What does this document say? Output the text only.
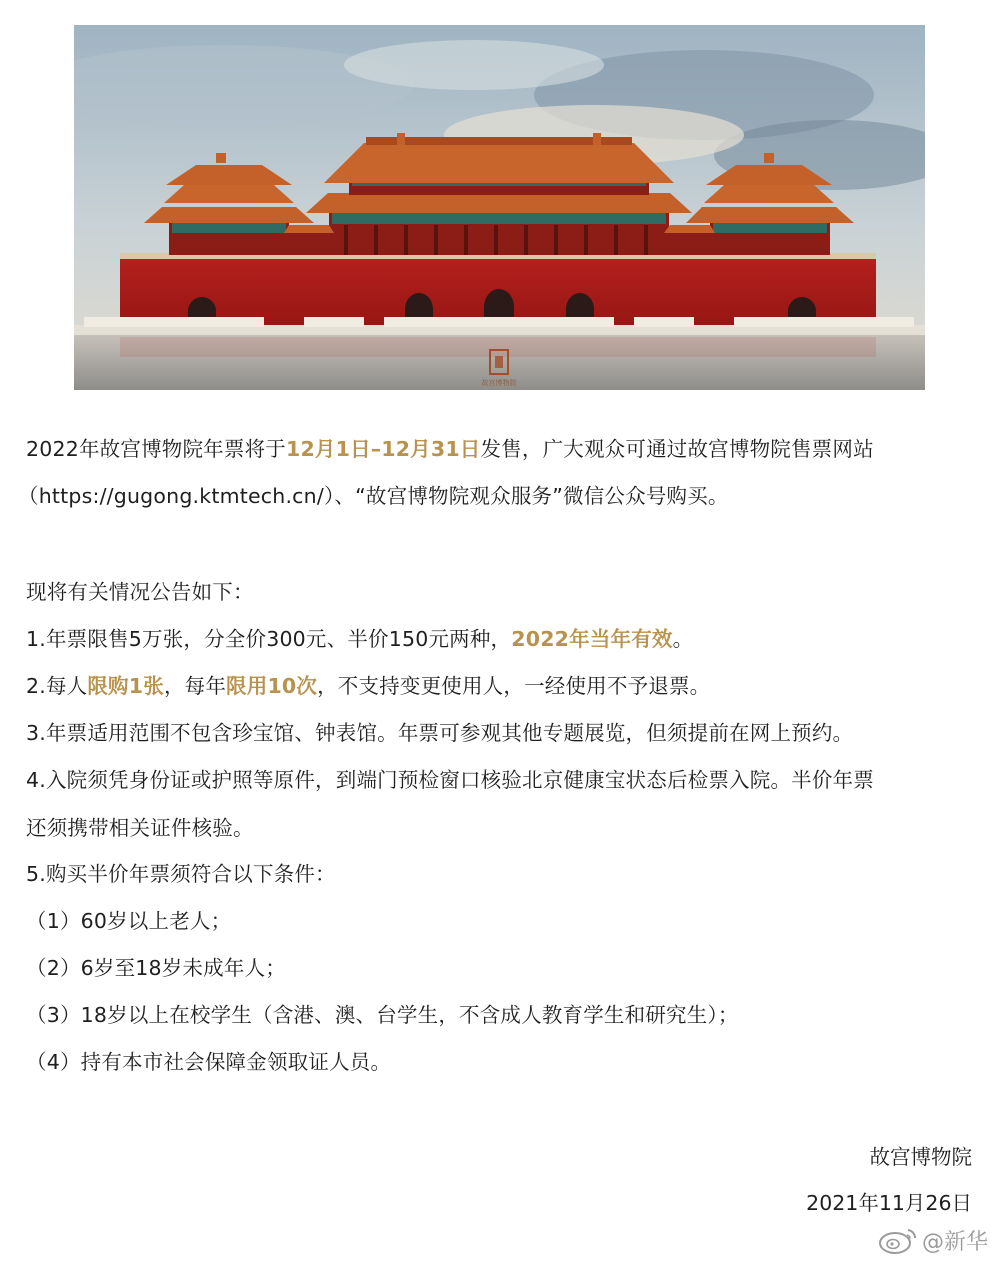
故宫博物院
2022年故宫博物院年票将于12月1日–12月31日发售，广大观众可通过故宫博物院售票网站
（https://gugong.ktmtech.cn/）、“故宫博物院观众服务”微信公众号购买。
现将有关情况公告如下：
1.年票限售5万张，分全价300元、半价150元两种，2022年当年有效。
2.每人限购1张，每年限用10次，不支持变更使用人，一经使用不予退票。
3.年票适用范围不包含珍宝馆、钟表馆。年票可参观其他专题展览，但须提前在网上预约。
4.入院须凭身份证或护照等原件，到端门预检窗口核验北京健康宝状态后检票入院。半价年票
还须携带相关证件核验。
5.购买半价年票须符合以下条件：
（1）60岁以上老人；
（2）6岁至18岁未成年人；
（3）18岁以上在校学生（含港、澳、台学生，不含成人教育学生和研究生）；
（4）持有本市社会保障金领取证人员。
故宫博物院
2021年11月26日
@新华
